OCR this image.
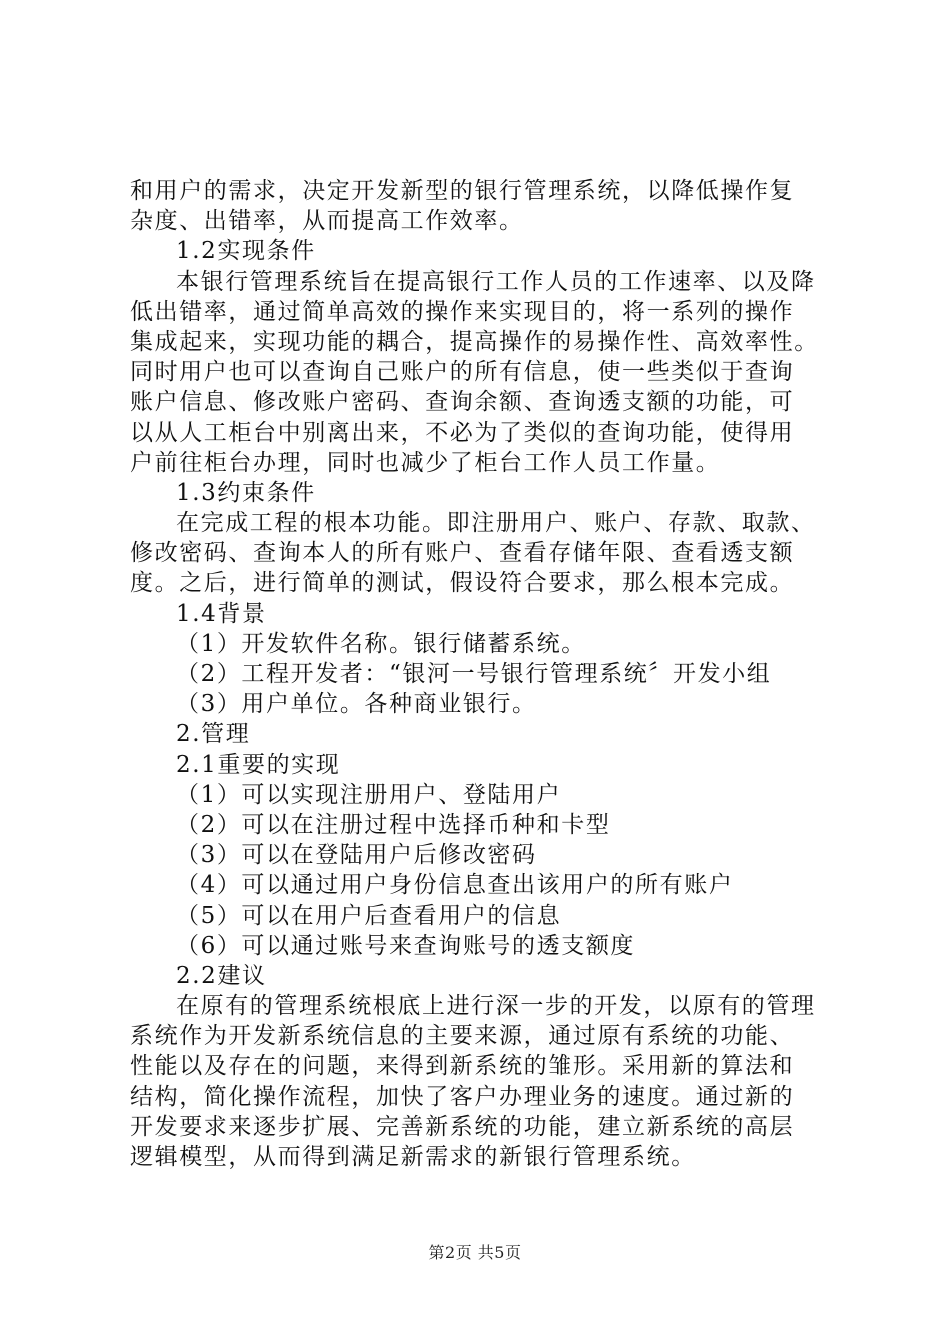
和用户的需求，决定开发新型的银行管理系统，以降低操作复
杂度、出错率，从而提高工作效率。
1.2实现条件
本银行管理系统旨在提高银行工作人员的工作速率、以及降
低出错率，通过简单高效的操作来实现目的，将一系列的操作
集成起来，实现功能的耦合，提高操作的易操作性、高效率性。
同时用户也可以查询自己账户的所有信息，使一些类似于查询
账户信息、修改账户密码、查询余额、查询透支额的功能，可
以从人工柜台中别离出来，不必为了类似的查询功能，使得用
户前往柜台办理，同时也减少了柜台工作人员工作量。
1.3约束条件
在完成工程的根本功能。即注册用户、账户、存款、取款、
修改密码、查询本人的所有账户、查看存储年限、查看透支额
度。之后，进行简单的测试，假设符合要求，那么根本完成。
1.4背景
（1）开发软件名称。银行储蓄系统。
（2）工程开发者：“银河一号银行管理系统〞开发小组
（3）用户单位。各种商业银行。
2.管理
2.1重要的实现
（1）可以实现注册用户、登陆用户
（2）可以在注册过程中选择币种和卡型
（3）可以在登陆用户后修改密码
（4）可以通过用户身份信息查出该用户的所有账户
（5）可以在用户后查看用户的信息
（6）可以通过账号来查询账号的透支额度
2.2建议
在原有的管理系统根底上进行深一步的开发，以原有的管理
系统作为开发新系统信息的主要来源，通过原有系统的功能、
性能以及存在的问题，来得到新系统的雏形。采用新的算法和
结构，简化操作流程，加快了客户办理业务的速度。通过新的
开发要求来逐步扩展、完善新系统的功能，建立新系统的高层
逻辑模型，从而得到满足新需求的新银行管理系统。
第2页 共5页
